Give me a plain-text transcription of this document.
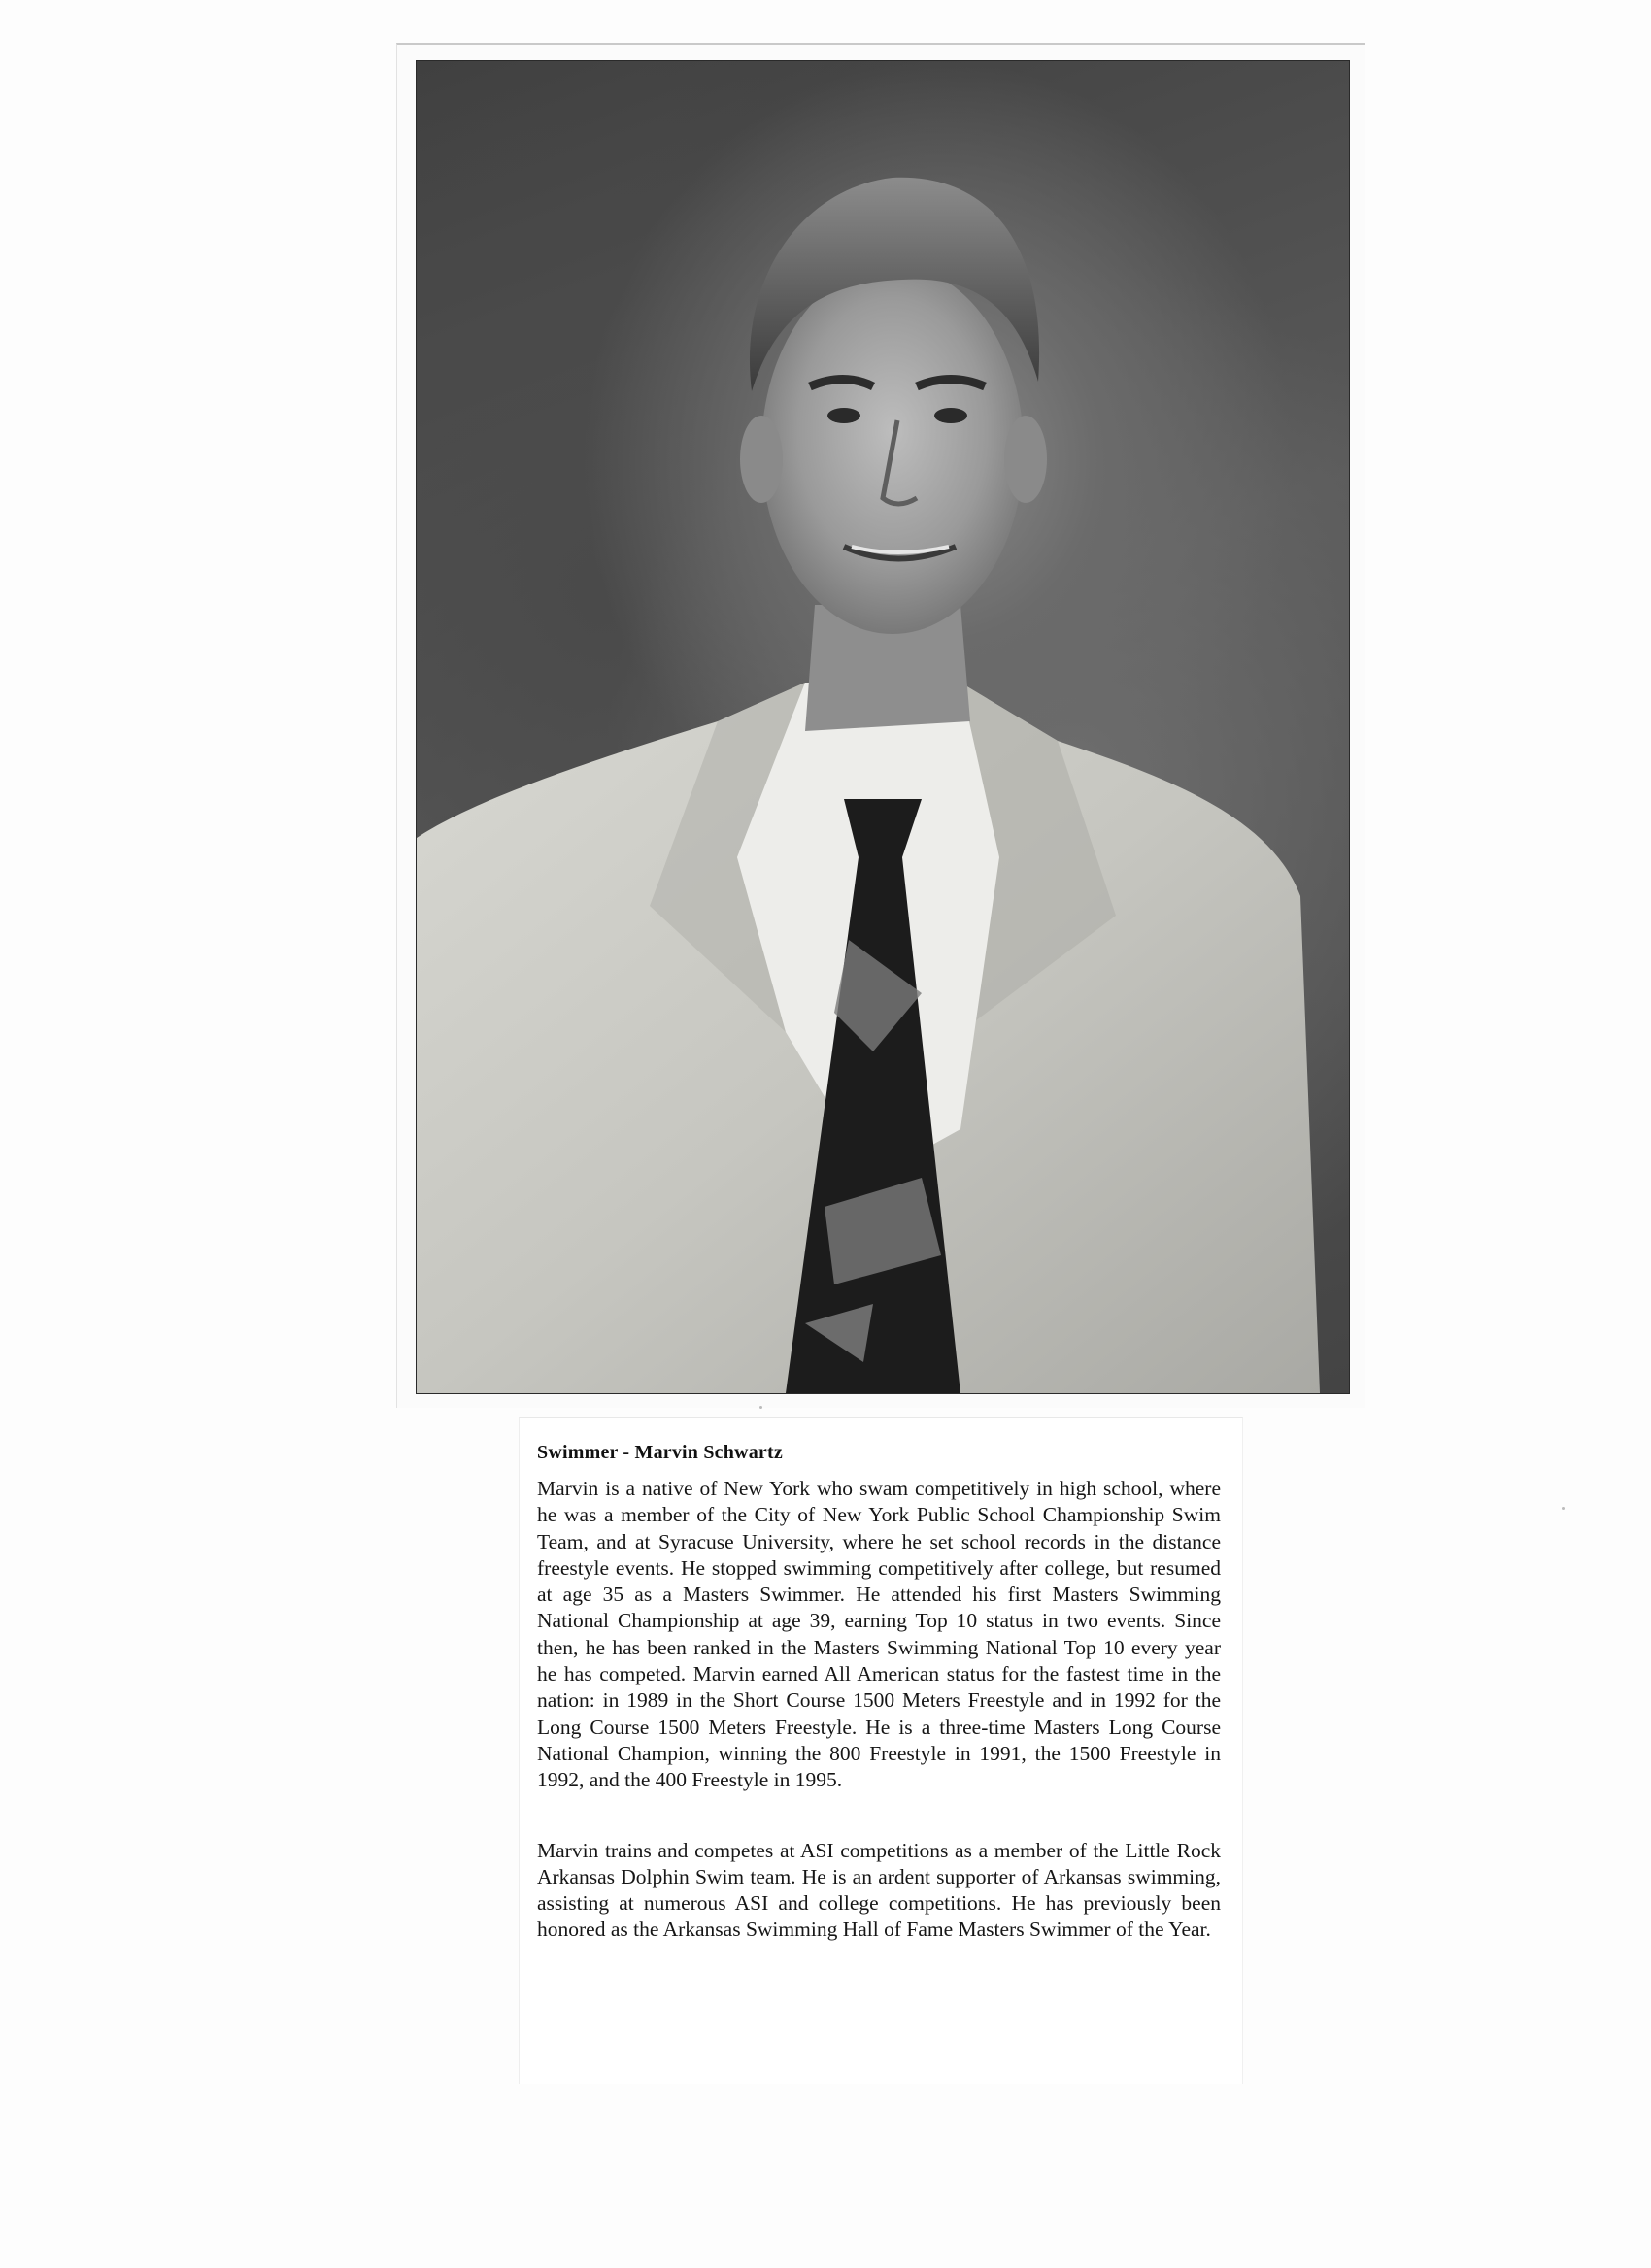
Swimmer - Marvin Schwartz

Marvin is a native of New York who swam competitively in high school, where he was a member of the City of New York Public School Championship Swim Team, and at Syracuse University, where he set school records in the distance freestyle events. He stopped swimming competitively after college, but resumed at age 35 as a Masters Swimmer. He attended his first Masters Swimming National Championship at age 39, earning Top 10 status in two events. Since then, he has been ranked in the Masters Swimming National Top 10 every year he has competed. Marvin earned All American status for the fastest time in the nation: in 1989 in the Short Course 1500 Meters Freestyle and in 1992 for the Long Course 1500 Meters Freestyle. He is a three-time Masters Long Course National Champion, winning the 800 Freestyle in 1991, the 1500 Freestyle in 1992, and the 400 Freestyle in 1995.

Marvin trains and competes at ASI competitions as a member of the Little Rock Arkansas Dolphin Swim team. He is an ardent supporter of Arkansas swimming, assisting at numerous ASI and college competitions. He has previously been honored as the Arkansas Swimming Hall of Fame Masters Swimmer of the Year.
